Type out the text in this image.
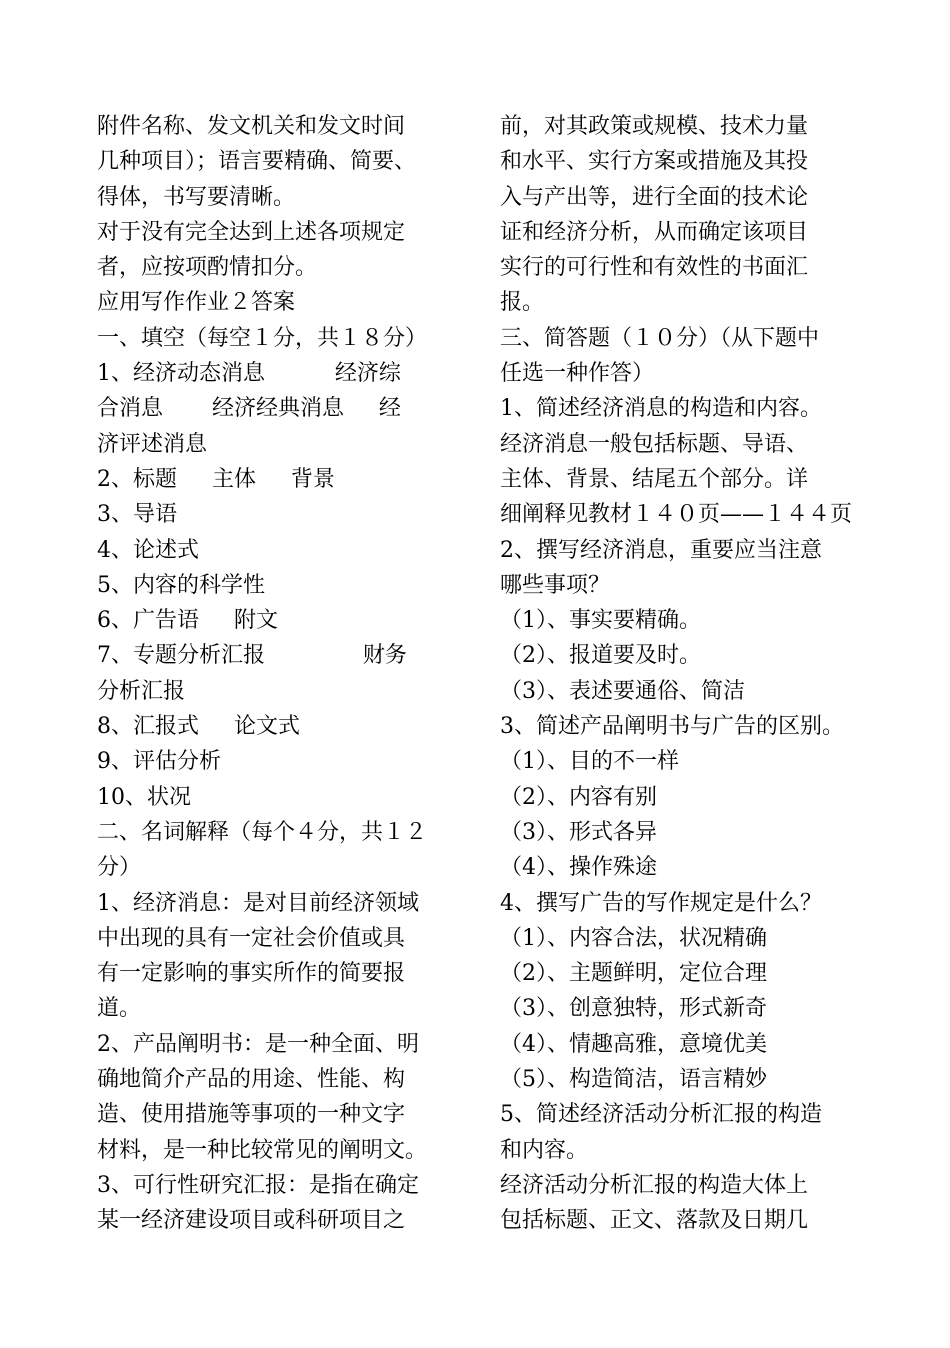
附件名称、发文机关和发文时间
几种项目）；语言要精确、简要、
得体，书写要清晰。
对于没有完全达到上述各项规定
者，应按项酌情扣分。
应用写作作业２答案
一、填空（每空１分，共１８分）
1、经济动态消息          经济综
合消息       经济经典消息     经
济评述消息
2、标题     主体     背景
3、导语
4、论述式
5、内容的科学性
6、广告语     附文
7、专题分析汇报              财务
分析汇报
8、汇报式     论文式
9、评估分析
10、状况
二、名词解释（每个４分，共１２
分）
1、经济消息：是对目前经济领域
中出现的具有一定社会价值或具
有一定影响的事实所作的简要报
道。
2、产品阐明书：是一种全面、明
确地简介产品的用途、性能、构
造、使用措施等事项的一种文字
材料，是一种比较常见的阐明文。
3、可行性研究汇报：是指在确定
某一经济建设项目或科研项目之
前，对其政策或规模、技术力量
和水平、实行方案或措施及其投
入与产出等，进行全面的技术论
证和经济分析，从而确定该项目
实行的可行性和有效性的书面汇
报。
三、简答题（１０分）（从下题中
任选一种作答）
1、简述经济消息的构造和内容。
经济消息一般包括标题、导语、
主体、背景、结尾五个部分。详
细阐释见教材１４０页——１４４页
2、撰写经济消息，重要应当注意
哪些事项？
（1）、事实要精确。
（2）、报道要及时。
（3）、表述要通俗、简洁
3、简述产品阐明书与广告的区别。
（1）、目的不一样
（2）、内容有别
（3）、形式各异
（4）、操作殊途
4、撰写广告的写作规定是什么？
（1）、内容合法，状况精确
（2）、主题鲜明，定位合理
（3）、创意独特，形式新奇
（4）、情趣高雅，意境优美
（5）、构造简洁，语言精妙
5、简述经济活动分析汇报的构造
和内容。
经济活动分析汇报的构造大体上
包括标题、正文、落款及日期几
